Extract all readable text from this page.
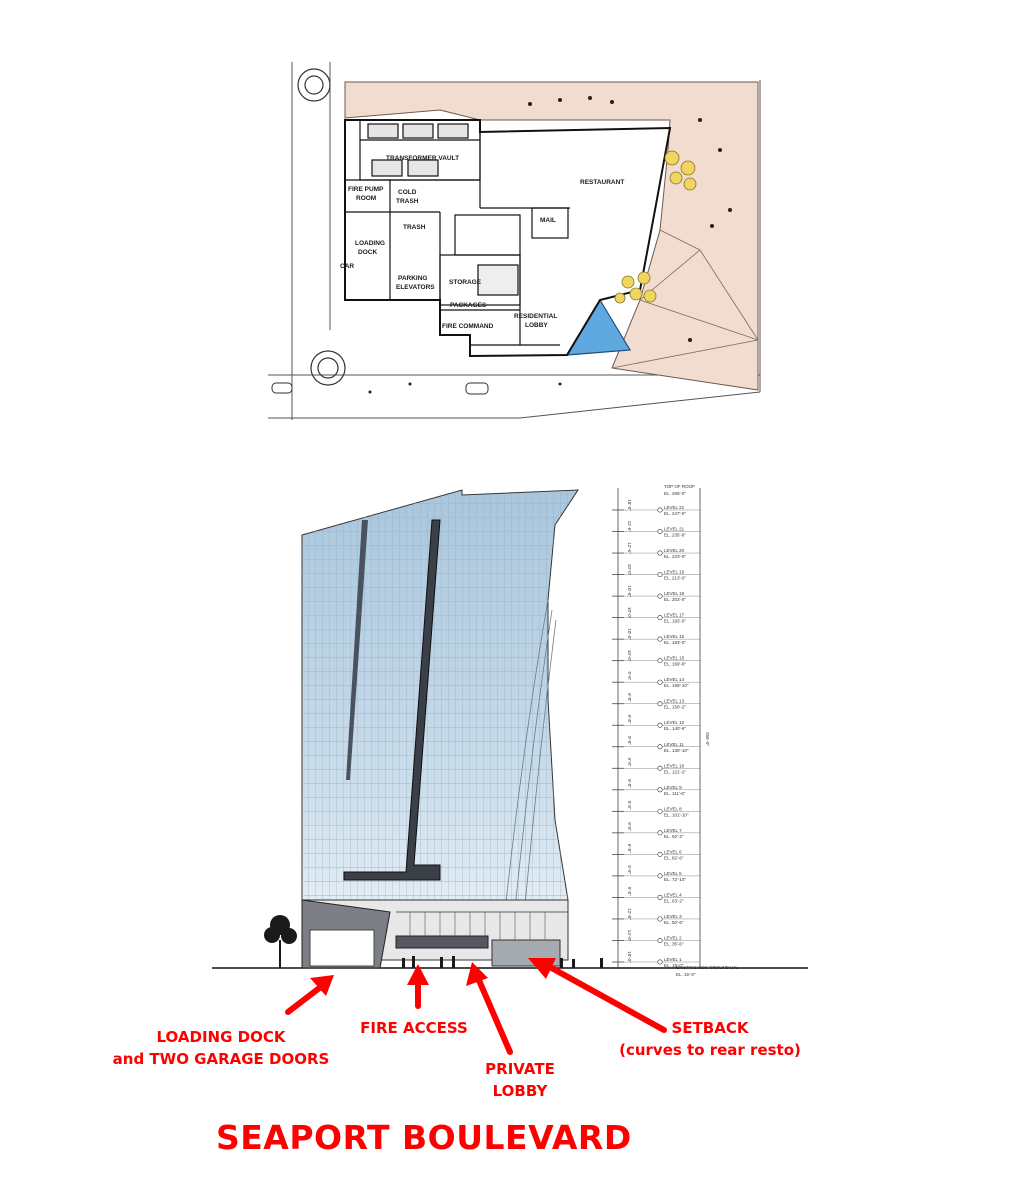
TRANSFORMER VAULT
RESTAURANT
FIRE PUMP
ROOM
COLD
TRASH
TRASH
MAIL
LOADING
DOCK
CAR
STORAGE
PARKING
ELEVATORS
PACKAGES
RESIDENTIAL
LOBBY
FIRE COMMAND
LEVEL 22
EL. 247'-0"
18'-0"
LEVEL 21
EL. 235'-6"
11'-6"
LEVEL 20
EL. 223'-0"
12'-6"
LEVEL 19
EL. 213'-0"
10'-0"
LEVEL 18
EL. 203'-0"
10'-0"
LEVEL 17
EL. 193'-0"
10'-0"
LEVEL 16
EL. 183'-0"
10'-0"
LEVEL 15
EL. 169'-8"
10'-0"
LEVEL 14
EL. 159'-10"
9'-8"
LEVEL 13
EL. 150'-2"
9'-8"
LEVEL 12
EL. 140'-6"
9'-8"
LEVEL 11
EL. 130'-10"
9'-8"
LEVEL 10
EL. 121'-2"
9'-8"
LEVEL 9
EL. 111'-6"
9'-8"
LEVEL 8
EL. 101'-10"
9'-8"
LEVEL 7
EL. 92'-2"
9'-8"
LEVEL 6
EL. 82'-6"
9'-8"
LEVEL 5
EL. 72'-10"
9'-8"
LEVEL 4
EL. 63'-2"
9'-8"
LEVEL 3
EL. 50'-6"
12'-8"
LEVEL 2
EL. 35'-6"
14'-0"
LEVEL 1
EL. 15'-0"
18'-0"
TOP OF ROOF
EL. 265'-0"
256'-0"
EXISTING BOS GROUND LVL
EL. 15'-0"
LOADING DOCK
and TWO GARAGE DOORS
FIRE ACCESS
PRIVATE
LOBBY
SETBACK
(curves to rear resto)
SEAPORT BOULEVARD
